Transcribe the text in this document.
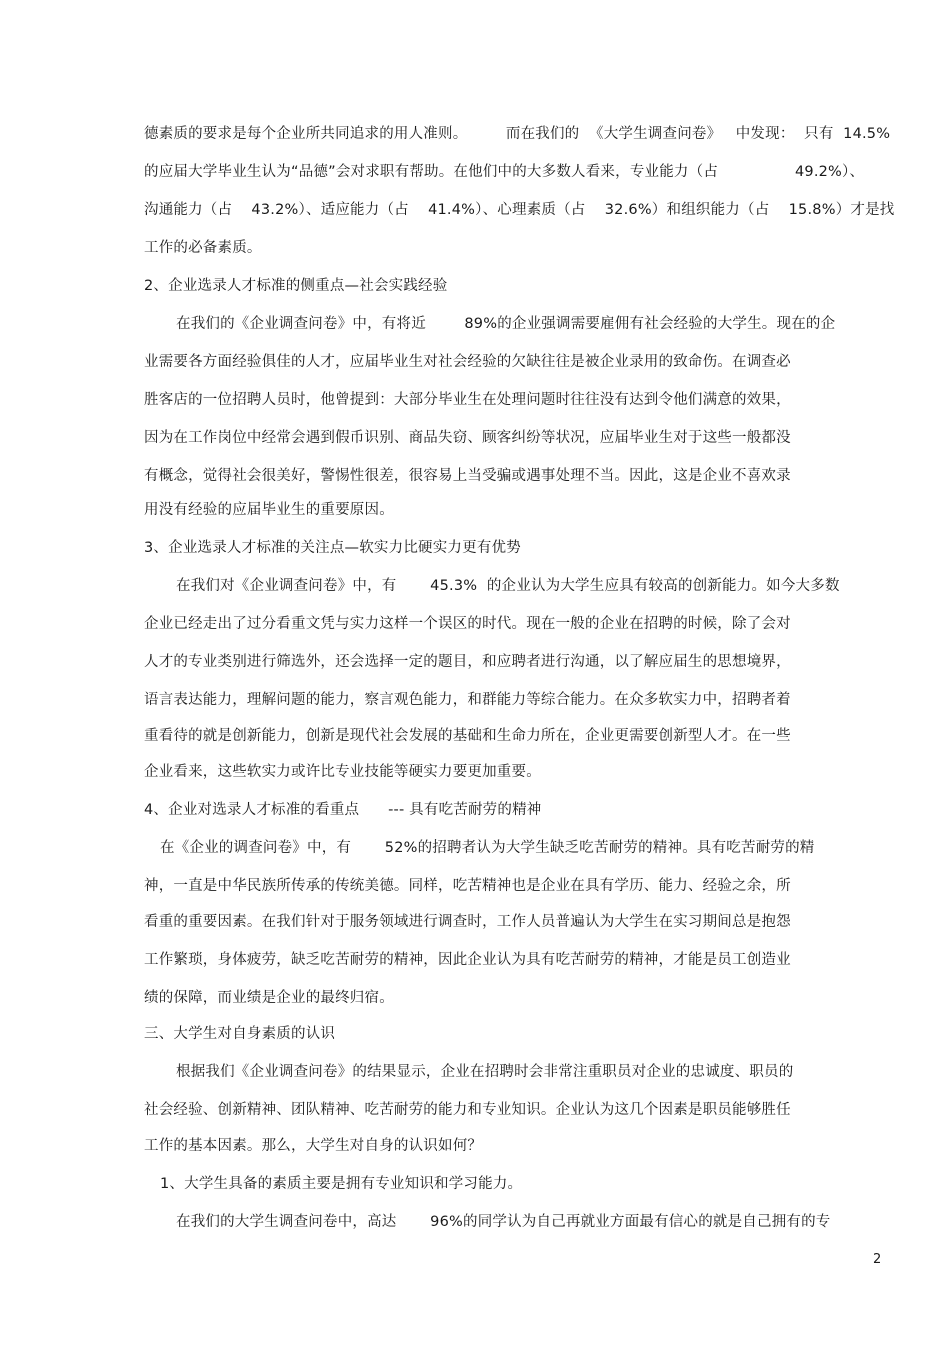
德素质的要求是每个企业所共同追求的用人准则。        而在我们的  《大学生调查问卷》   中发现：  只有  14.5%
的应届大学毕业生认为“品德”会对求职有帮助。在他们中的大多数人看来，专业能力（占                49.2%）、
沟通能力（占    43.2%）、适应能力（占    41.4%）、心理素质（占    32.6%）和组织能力（占    15.8%）才是找
工作的必备素质。
2、企业选录人才标准的侧重点—社会实践经验
在我们的《企业调查问卷》中，有将近        89%的企业强调需要雇佣有社会经验的大学生。现在的企
业需要各方面经验俱佳的人才，应届毕业生对社会经验的欠缺往往是被企业录用的致命伤。在调查必
胜客店的一位招聘人员时，他曾提到：大部分毕业生在处理问题时往往没有达到令他们满意的效果，
因为在工作岗位中经常会遇到假币识别、商品失窃、顾客纠纷等状况，应届毕业生对于这些一般都没
有概念，觉得社会很美好，警惕性很差，很容易上当受骗或遇事处理不当。因此，这是企业不喜欢录
用没有经验的应届毕业生的重要原因。
3、企业选录人才标准的关注点—软实力比硬实力更有优势
在我们对《企业调查问卷》中，有       45.3%  的企业认为大学生应具有较高的创新能力。如今大多数
企业已经走出了过分看重文凭与实力这样一个误区的时代。现在一般的企业在招聘的时候，除了会对
人才的专业类别进行筛选外，还会选择一定的题目，和应聘者进行沟通，以了解应届生的思想境界，
语言表达能力，理解问题的能力，察言观色能力，和群能力等综合能力。在众多软实力中，招聘者着
重看待的就是创新能力，创新是现代社会发展的基础和生命力所在，企业更需要创新型人才。在一些
企业看来，这些软实力或许比专业技能等硬实力要更加重要。
4、企业对选录人才标准的看重点      --- 具有吃苦耐劳的精神
在《企业的调查问卷》中，有       52%的招聘者认为大学生缺乏吃苦耐劳的精神。具有吃苦耐劳的精
神，一直是中华民族所传承的传统美德。同样，吃苦精神也是企业在具有学历、能力、经验之余，所
看重的重要因素。在我们针对于服务领域进行调查时，工作人员普遍认为大学生在实习期间总是抱怨
工作繁琐，身体疲劳，缺乏吃苦耐劳的精神，因此企业认为具有吃苦耐劳的精神，才能是员工创造业
绩的保障，而业绩是企业的最终归宿。
三、大学生对自身素质的认识
根据我们《企业调查问卷》的结果显示，企业在招聘时会非常注重职员对企业的忠诚度、职员的
社会经验、创新精神、团队精神、吃苦耐劳的能力和专业知识。企业认为这几个因素是职员能够胜任
工作的基本因素。那么，大学生对自身的认识如何？
1、大学生具备的素质主要是拥有专业知识和学习能力。
在我们的大学生调查问卷中，高达       96%的同学认为自己再就业方面最有信心的就是自己拥有的专
2
